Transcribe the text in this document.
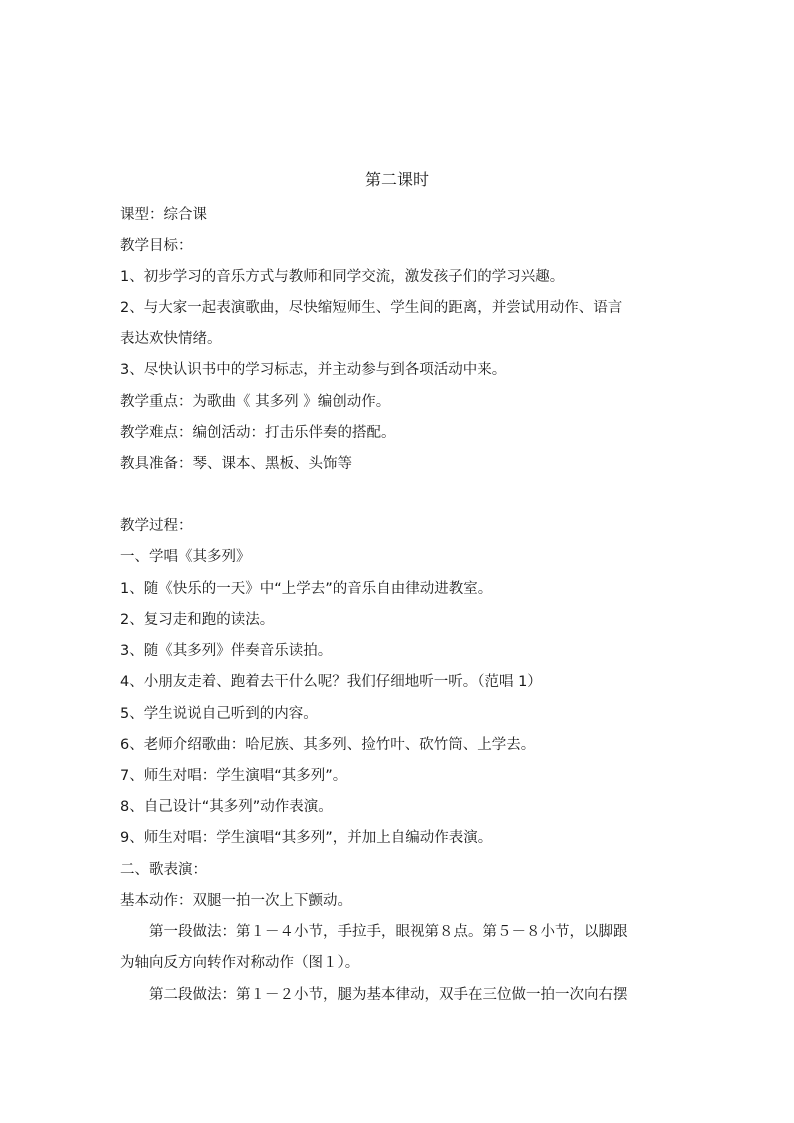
第二课时
课型：综合课
教学目标：
1、初步学习的音乐方式与教师和同学交流，激发孩子们的学习兴趣。
2、与大家一起表演歌曲，尽快缩短师生、学生间的距离，并尝试用动作、语言
表达欢快情绪。
3、尽快认识书中的学习标志，并主动参与到各项活动中来。
教学重点：为歌曲《 其多列 》编创动作。
教学难点：编创活动：打击乐伴奏的搭配。
教具准备：琴、课本、黑板、头饰等
教学过程：
一、学唱《其多列》
1、随《快乐的一天》中“上学去”的音乐自由律动进教室。
2、复习走和跑的读法。
3、随《其多列》伴奏音乐读拍。
4、小朋友走着、跑着去干什么呢？我们仔细地听一听。（范唱 1）
5、学生说说自己听到的内容。
6、老师介绍歌曲：哈尼族、其多列、捡竹叶、砍竹筒、上学去。
7、师生对唱：学生演唱“其多列”。
8、自己设计“其多列”动作表演。
9、师生对唱：学生演唱“其多列”，并加上自编动作表演。
二、歌表演：
基本动作：双腿一拍一次上下颤动。
第一段做法：第１－４小节，手拉手，眼视第８点。第５－８小节，以脚跟
为轴向反方向转作对称动作（图１）。
第二段做法：第１－２小节，腿为基本律动，双手在三位做一拍一次向右摆
